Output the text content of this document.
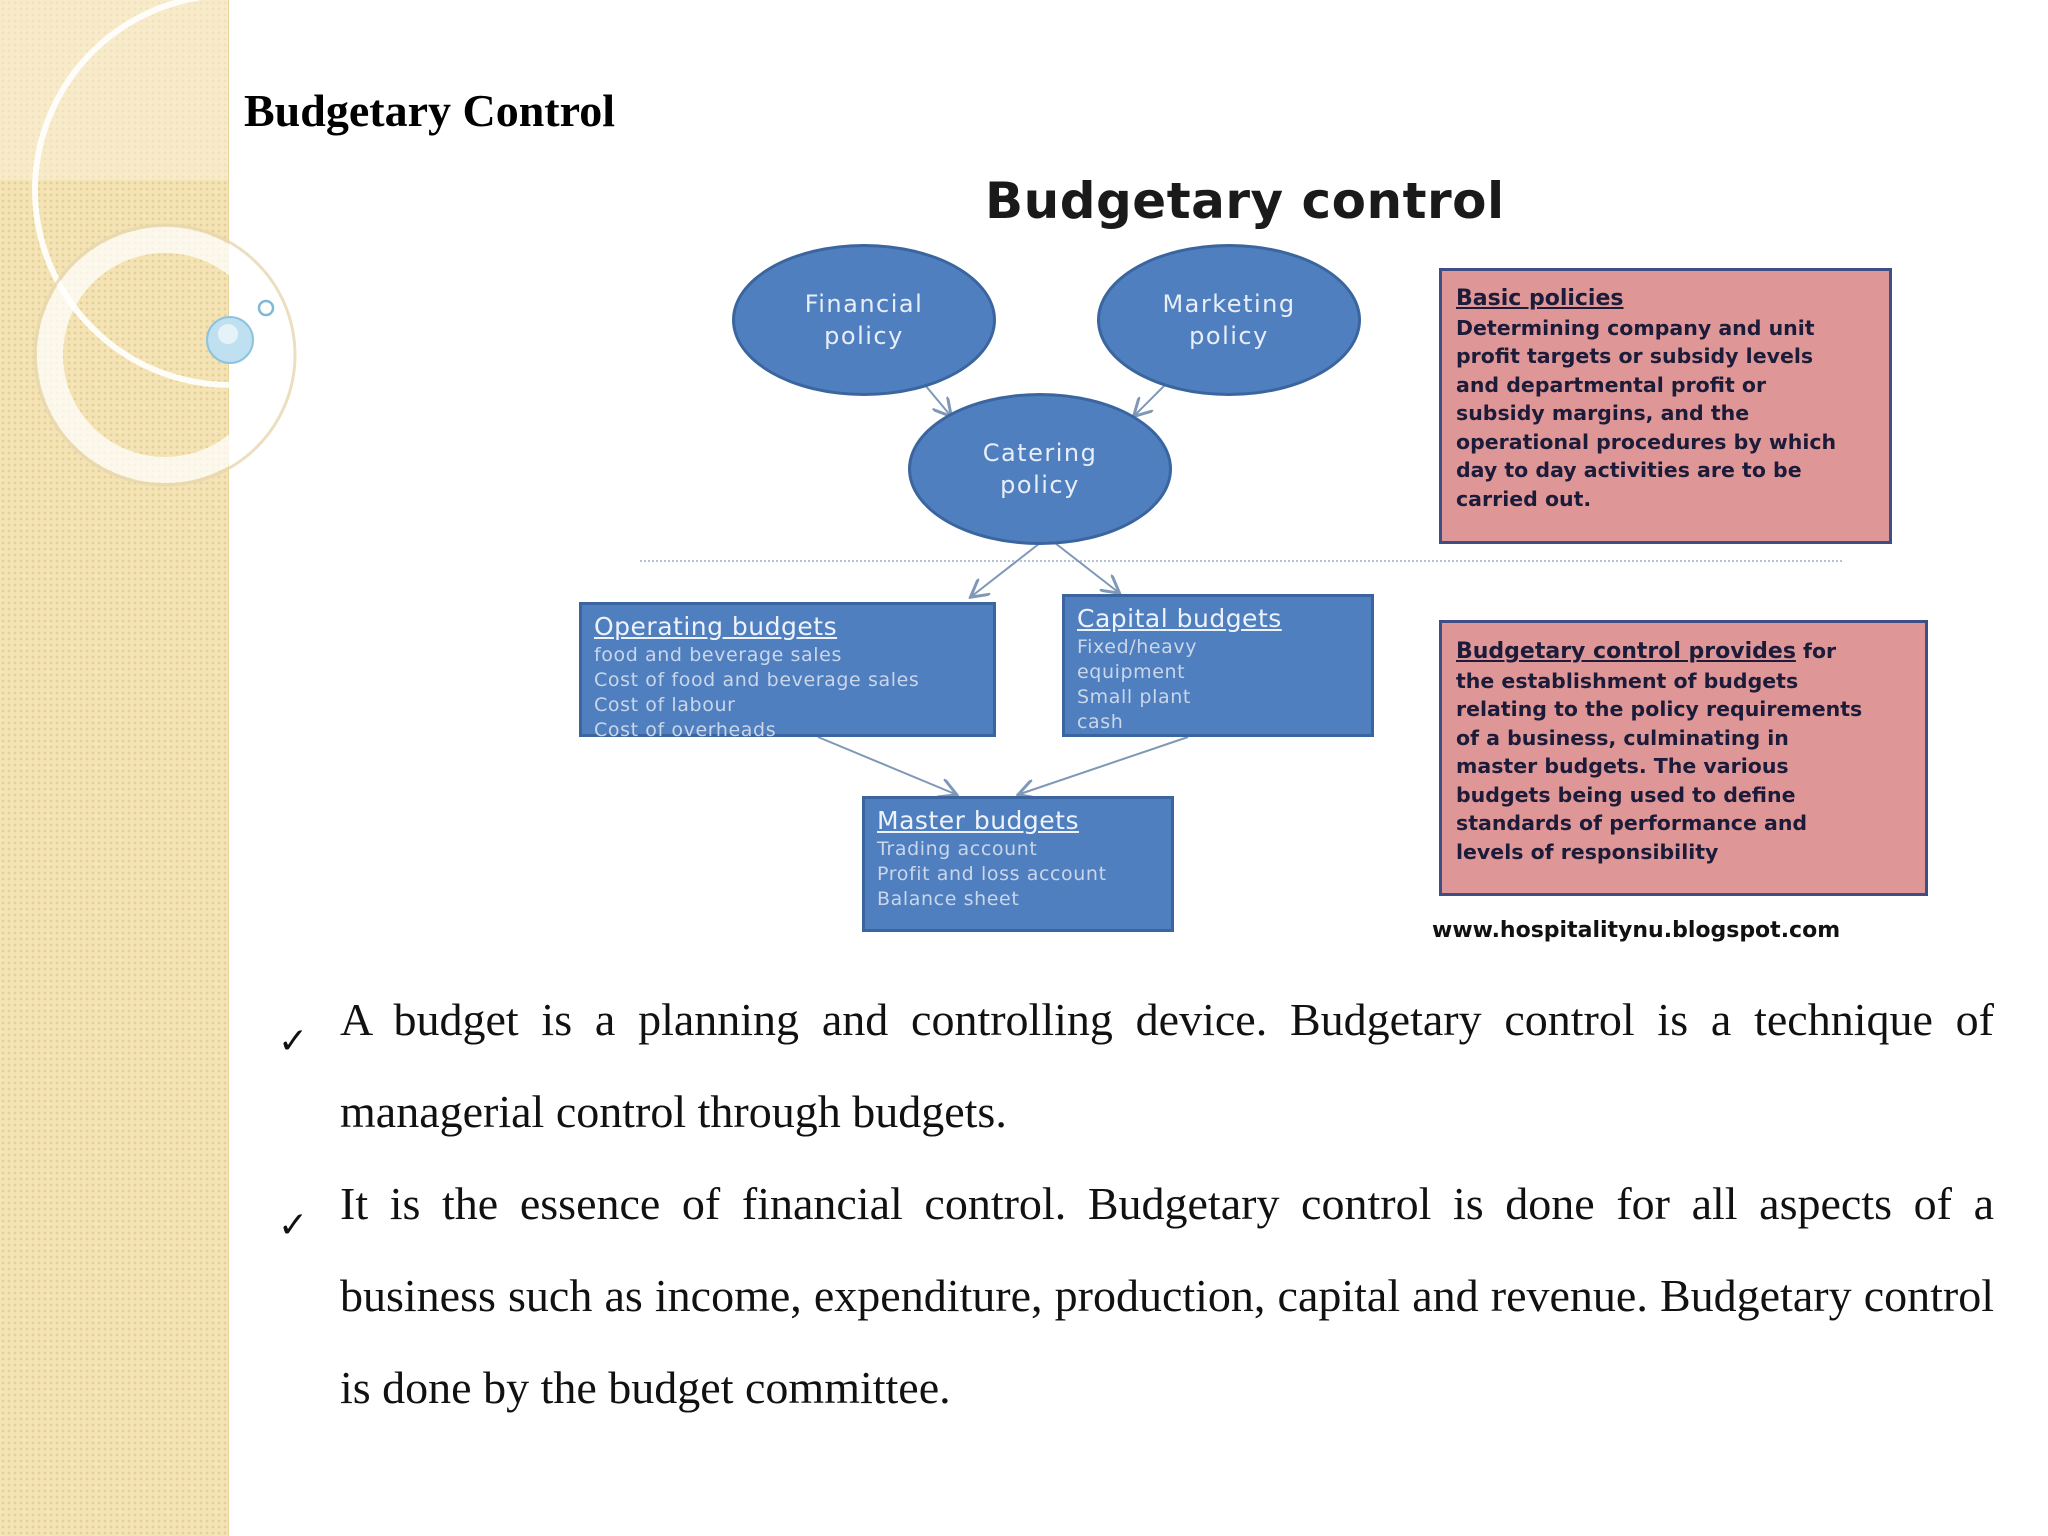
Budgetary Control
Budgetary control
Financial
policy
Marketing
policy
Catering
policy
Operating budgets
food and beverage sales
Cost of food and beverage sales
Cost of labour
Cost of overheads
Capital budgets
Fixed/heavy
equipment
Small plant
cash
Master budgets
Trading account
Profit and loss account
Balance sheet
Basic policies
Determining company and unit
profit targets or subsidy levels
and departmental profit or
subsidy margins, and the
operational procedures by which
day to day activities are to be
carried out.
Budgetary control provides for
the establishment of budgets
relating to the policy requirements
of a business, culminating in
master budgets. The various
budgets being used to define
standards of performance and
levels of responsibility
www.hospitalitynu.blogspot.com
✓ A budget is a planning and controlling device. Budgetary control is a technique of managerial control through budgets.
✓ It is the essence of financial control. Budgetary control is done for all aspects of a business such as income, expenditure, production, capital and revenue. Budgetary control is done by the budget committee.
